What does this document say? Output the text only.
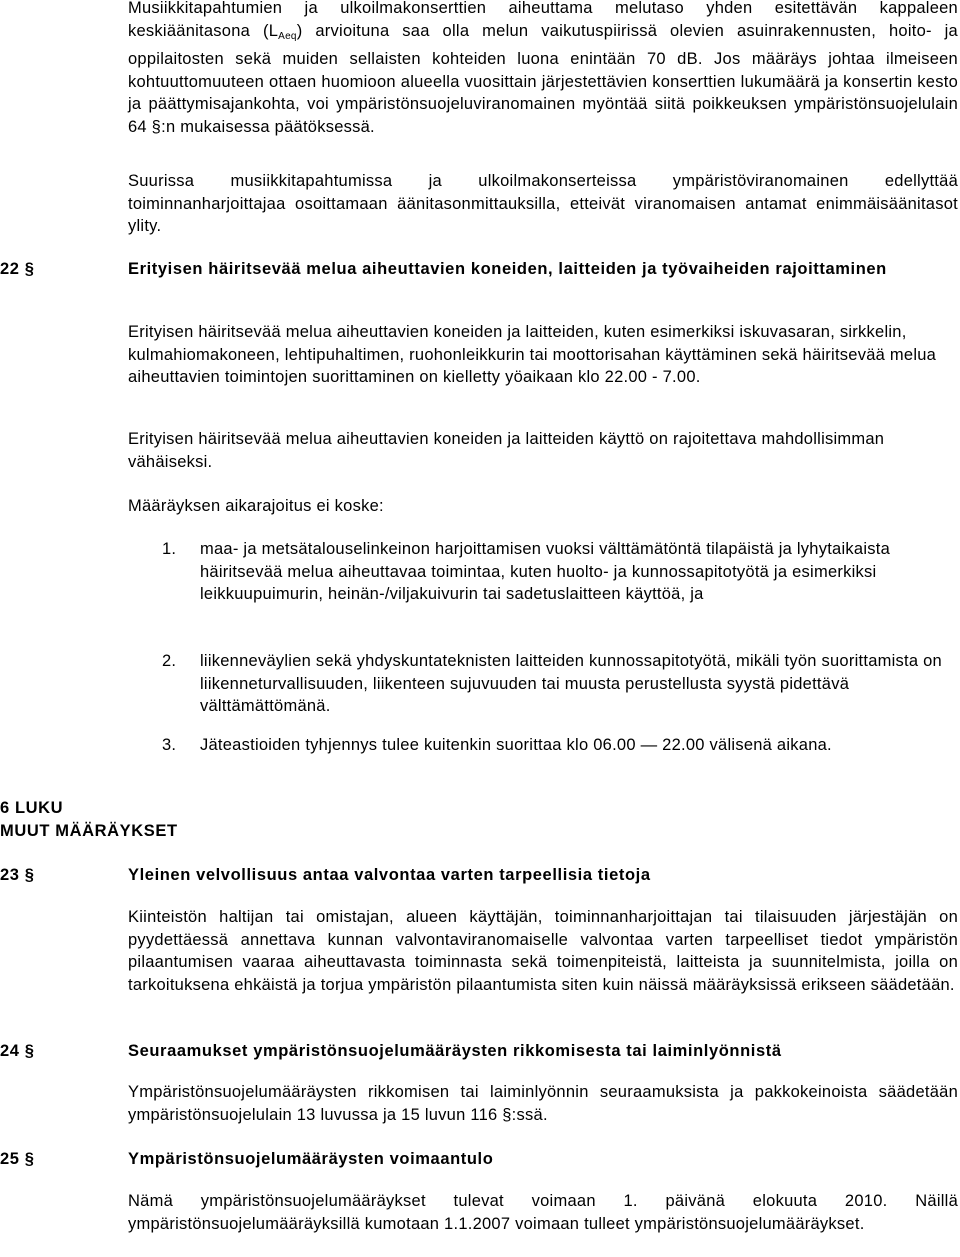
Musiikkitapahtumien ja ulkoilmakonserttien aiheuttama melutaso yhden esitettävän kappaleen keskiäänitasona $(L_{Aeq})$ arvioituna saa olla melun vaikutuspiirissä olevien asuinrakennusten, hoito- ja oppilaitosten sekä muiden sellaisten kohteiden luona enintään 70 dB. Jos määräys johtaa ilmeiseen kohtuuttomuuteen ottaen huomioon alueella vuosittain järjestettävien konserttien lukumäärä ja konsertin kesto ja päättymisajankohta, voi ympäristönsuojeluviranomainen myöntää siitä poikkeuksen ympäristönsuojelulain 64 §:n mukaisessa päätöksessä.

Suurissa musiikkitapahtumissa ja ulkoilmakonserteissa ympäristöviranomainen edellyttää toiminnanharjoittajaa osoittamaan äänitasonmittauksilla, etteivät viranomaisen antamat enimmäisäänitasot ylity.

22 §	Erityisen häiritsevää melua aiheuttavien koneiden, laitteiden ja työvaiheiden rajoittaminen

Erityisen häiritsevää melua aiheuttavien koneiden ja laitteiden, kuten esimerkiksi iskuvasaran, sirkkelin, kulmahiomakoneen, lehtipuhaltimen, ruohonleikkurin tai moottorisahan käyttäminen sekä häiritsevää melua aiheuttavien toimintojen suorittaminen on kielletty yöaikaan klo 22.00 - 7.00.

Erityisen häiritsevää melua aiheuttavien koneiden ja laitteiden käyttö on rajoitettava mahdollisimman vähäiseksi.

Määräyksen aikarajoitus ei koske:

1. maa- ja metsätalouselinkeinon harjoittamisen vuoksi välttämätöntä tilapäistä ja lyhytaikaista häiritsevää melua aiheuttavaa toimintaa, kuten huolto- ja kunnossapitotyötä ja esimerkiksi leikkuupuimurin, heinän-/viljakuivurin tai sadetuslaitteen käyttöä, ja
2. liikenneväylien sekä yhdyskuntateknisten laitteiden kunnossapitotyötä, mikäli työn suorittamista on liikenneturvallisuuden, liikenteen sujuvuuden tai muusta perustellusta syystä pidettävä välttämättömänä.
3. Jäteastioiden tyhjennys tulee kuitenkin suorittaa klo 06.00 — 22.00 välisenä aikana.
6 LUKU
MUUT MÄÄRÄYKSET
23 §	Yleinen velvollisuus antaa valvontaa varten tarpeellisia tietoja

Kiinteistön haltijan tai omistajan, alueen käyttäjän, toiminnanharjoittajan tai tilaisuuden järjestäjän on pyydettäessä annettava kunnan valvontaviranomaiselle valvontaa varten tarpeelliset tiedot ympäristön pilaantumisen vaaraa aiheuttavasta toiminnasta sekä toimenpiteistä, laitteista ja suunnitelmista, joilla on tarkoituksena ehkäistä ja torjua ympäristön pilaantumista siten kuin näissä määräyksissä erikseen säädetään.

24 §	Seuraamukset ympäristönsuojelumääräysten rikkomisesta tai laiminlyönnistä

Ympäristönsuojelumääräysten rikkomisen tai laiminlyönnin seuraamuksista ja pakkokeinoista säädetään ympäristönsuojelulain 13 luvussa ja 15 luvun 116 §:ssä.

25 §	Ympäristönsuojelumääräysten voimaantulo

Nämä ympäristönsuojelumääräykset tulevat voimaan 1. päivänä elokuuta 2010. Näillä ympäristönsuojelumääräyksillä kumotaan 1.1.2007 voimaan tulleet ympäristönsuojelumääräykset.
